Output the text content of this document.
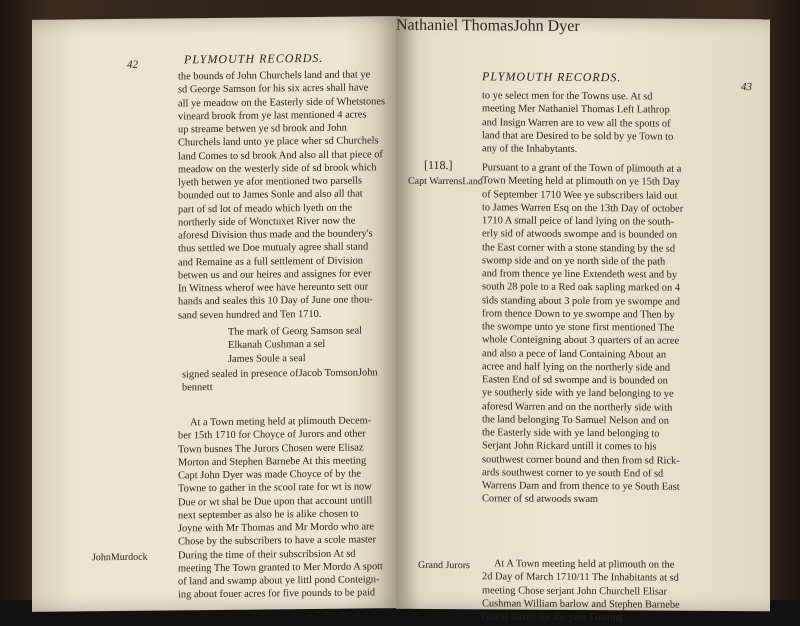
42	PLYMOUTH RECORDS.
the bounds of John Churchels land and that ye
sd George Samson for his six acres shall have
all ye meadow on the Easterly side of Whetstones
vineard brook from ye last mentioned 4 acres
up streame betwen ye sd brook and John
Churchels land unto ye place wher sd Churchels
land Comes to sd brook And also all that piece of
meadow on the westerly side of sd brook which
lyeth betwen ye afor mentioned two parsells
bounded out to James Sonle and also all that
part of sd lot of meado which lyeth on the
northerly side of Wonctuxet River now the
aforesd Division thus made and the boundery's
thus settled we Doe mutualy agree shall stand
and Remaine as a full settlement of Division
betwen us and our heires and assignes for ever
In Witness wherof wee have hereunto sett our
hands and seales this 10 Day of June one thou-
sand seven hundred and Ten 1710.
The mark of Georg Samson seal
Elkanah Cushman a sel
James Soule a seal
signed sealed in presence ofJacob TomsonJohn bennett
At a Town meting held at plimouth Decem-
ber 15th 1710 for Choyce of Jurors and other
Town busnes The Jurors Chosen were Elisaz
Morton and Stephen Barnebe At this meeting
Capt John Dyer was made Choyce of by the
Towne to gather in the scool rate for wt is now
Due or wt shal be Due upon that account untill
next september as also he is alike chosen to
Joyne with Mr Thomas and Mr Mordo who are
Chose by the subscribers to have a scole master
During the time of their subscribsion At sd
meeting The Town granted to Mer Mordo A spott
of land and swamp about ye littl pond Conteign-
ing about fouer acres for five pounds to be paid
JohnMurdock
PLYMOUTH RECORDS.
43
to ye select men for the Towns use. At sd
meeting Mer Nathaniel Thomas Left Lathrop
and Insign Warren are to vew all the spotts of
land that are Desired to be sold by ye Town to
any of the Inhabytants.
[118.]
Capt WarrensLand
Pursuant to a grant of the Town of plimouth at a
Town Meeting held at plimouth on ye 15th Day
of September 1710 Wee ye subscribers laid out
to James Warren Esq on the 13th Day of october
1710 A small peice of land lying on the south-
erly sid of atwoods swompe and is bounded on
the East corner with a stone standing by the sd
swomp side and on ye north side of the path
and from thence ye line Extendeth west and by
south 28 pole to a Red oak sapling marked on 4
sids standing about 3 pole from ye swompe and
from thence Down to ye swompe and Then by
the swompe unto ye stone first mentioned The
whole Conteigning about 3 quarters of an acree
and also a pece of land Containing About an
acree and half lying on the northerly side and
Easten End of sd swompe and is bounded on
ye southerly side with ye land belonging to ye
aforesd Warren and on the northerly side with
the land belonging To Samuel Nelson and on
the Easterly side with ye land belonging to
Serjant John Rickard untill it comes to his
southwest corner bound and then from sd Rick-
ards southwest corner to ye south End of sd
Warrens Dam and from thence to ye South East
Corner of sd atwoods swam
Nathaniel ThomasJohn Dyer
Grand Jurors	At A Town meeting held at plimouth on the
2d Day of March 1710/11 The Inhabitants at sd
meeting Chose serjant John Churchell Elisar
Cushman William barlow and Stephen Barnebe
Grand Jurors for the year Ensuing.
